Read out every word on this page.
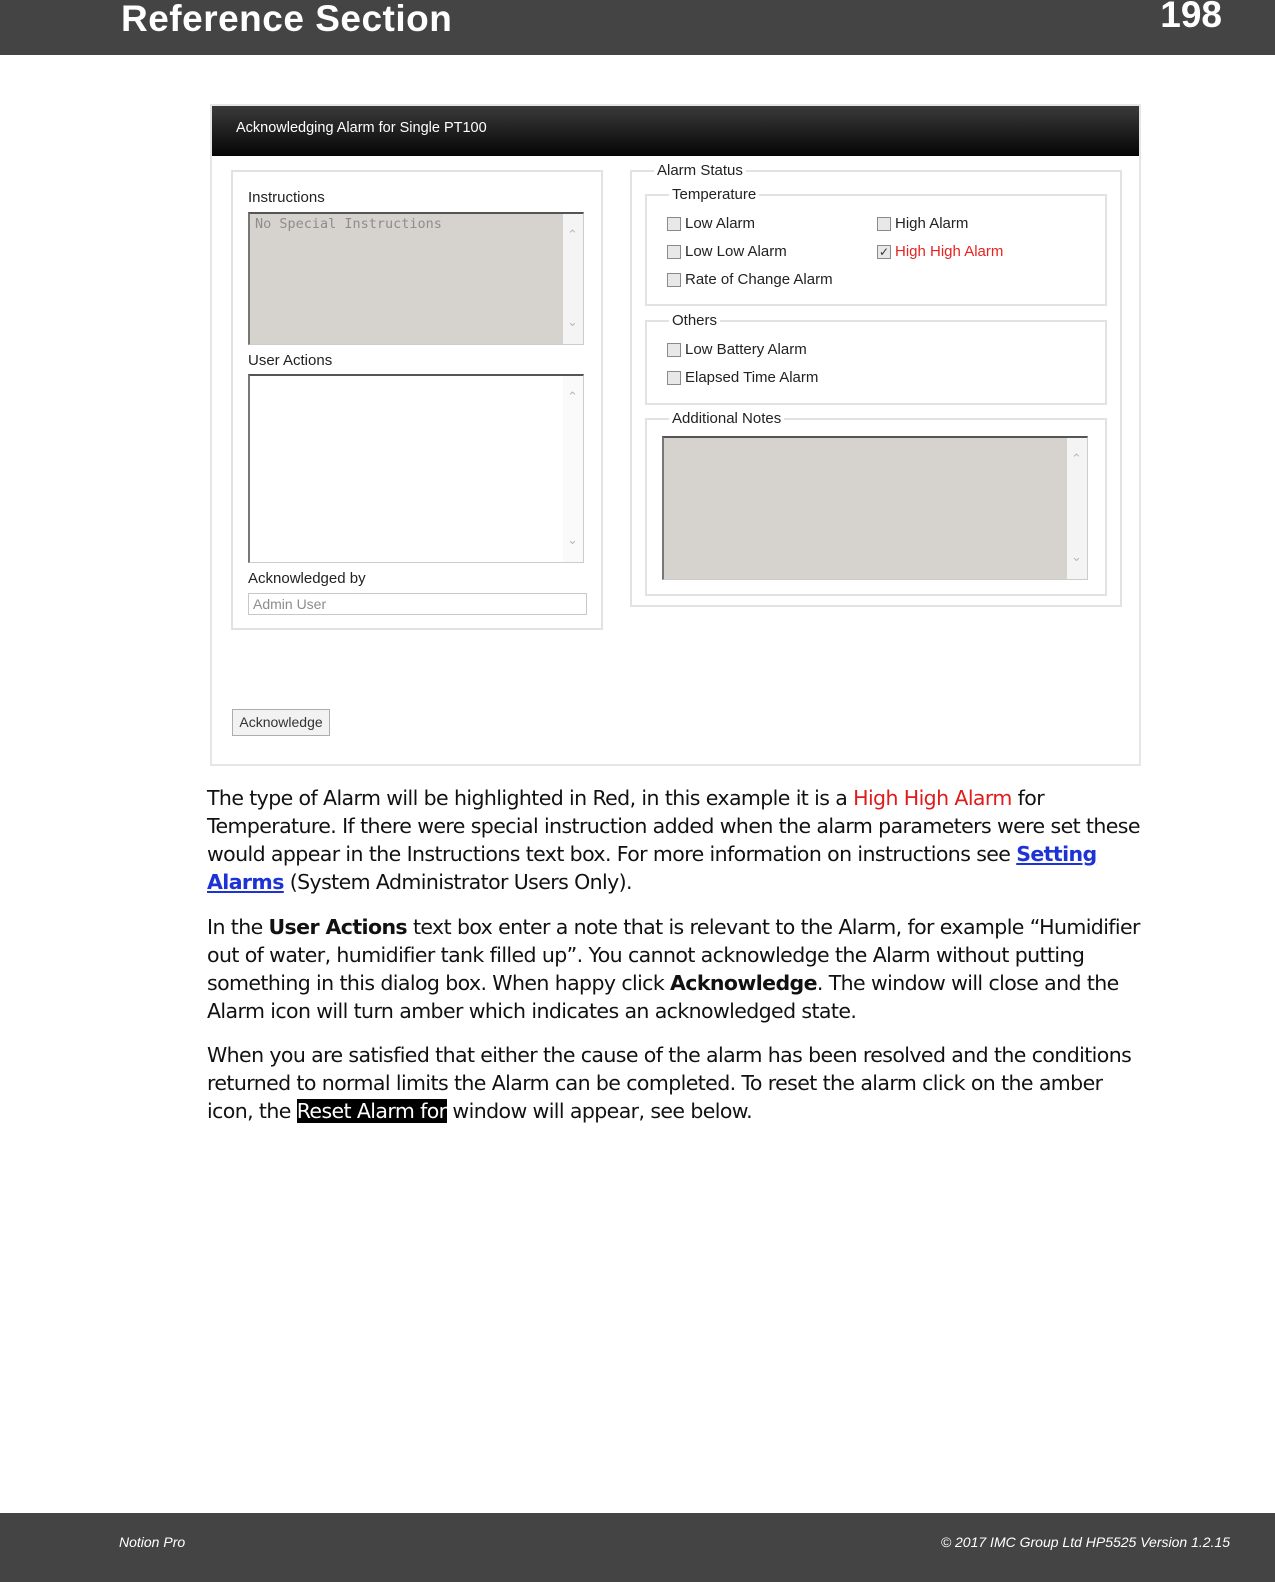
Reference Section	198
Acknowledging Alarm for Single PT100
Instructions
No Special Instructions
⌃
⌄
User Actions
⌃
⌄
Acknowledged by
Admin User
Acknowledge
Alarm Status
Temperature
Low Alarm
Low Low Alarm
Rate of Change Alarm
High Alarm
✓ High High Alarm
Others
Low Battery Alarm
Elapsed Time Alarm
Additional Notes
⌃
⌄

The type of Alarm will be highlighted in Red, in this example it is a High High Alarm for Temperature. If there were special instruction added when the alarm parameters were set these would appear in the Instructions text box. For more information on instructions see Setting Alarms (System Administrator Users Only).

In the User Actions text box enter a note that is relevant to the Alarm, for example “Humidifier out of water, humidifier tank filled up”. You cannot acknowledge the Alarm without putting something in this dialog box. When happy click Acknowledge. The window will close and the Alarm icon will turn amber which indicates an acknowledged state.

When you are satisfied that either the cause of the alarm has been resolved and the conditions returned to normal limits the Alarm can be completed. To reset the alarm click on the amber icon, the Reset Alarm for window will appear, see below.

Notion Pro	© 2017 IMC Group Ltd HP5525 Version 1.2.15
